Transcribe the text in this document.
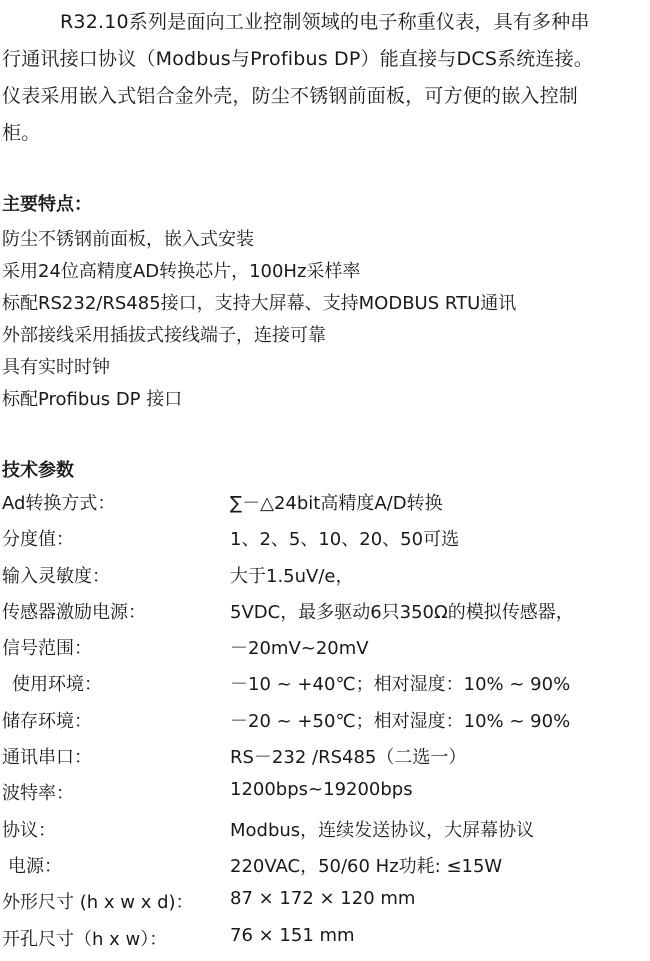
R32.10系列是面向工业控制领域的电子称重仪表，具有多种串
行通讯接口协议（Modbus与Profibus DP）能直接与DCS系统连接。
仪表采用嵌入式铝合金外壳，防尘不锈钢前面板，可方便的嵌入控制
柜。
主要特点：
防尘不锈钢前面板，嵌入式安装
采用24位高精度AD转换芯片，100Hz采样率
标配RS232/RS485接口，支持大屏幕、支持MODBUS RTU通讯
外部接线采用插拔式接线端子，连接可靠
具有实时时钟
标配Profibus DP 接口
技术参数
Ad转换方式：	∑－△24bit高精度A/D转换
分度值：	1、2、5、10、20、50可选
输入灵敏度：	大于1.5uV/e，
传感器激励电源：	5VDC，最多驱动6只350Ω的模拟传感器，
信号范围：	－20mV~20mV
使用环境：	－10 ~ +40℃；相对湿度：10% ~ 90%
储存环境：	－20 ~ +50℃；相对湿度：10% ~ 90%
通讯串口：	RS－232 /RS485（二选一）
波特率：	1200bps~19200bps
协议：	Modbus，连续发送协议，大屏幕协议
电源：	220VAC，50/60 Hz功耗: ≤15W
外形尺寸 (h x w x d)： 87 × 172 × 120 mm
开孔尺寸（h x w）：	76 × 151 mm
